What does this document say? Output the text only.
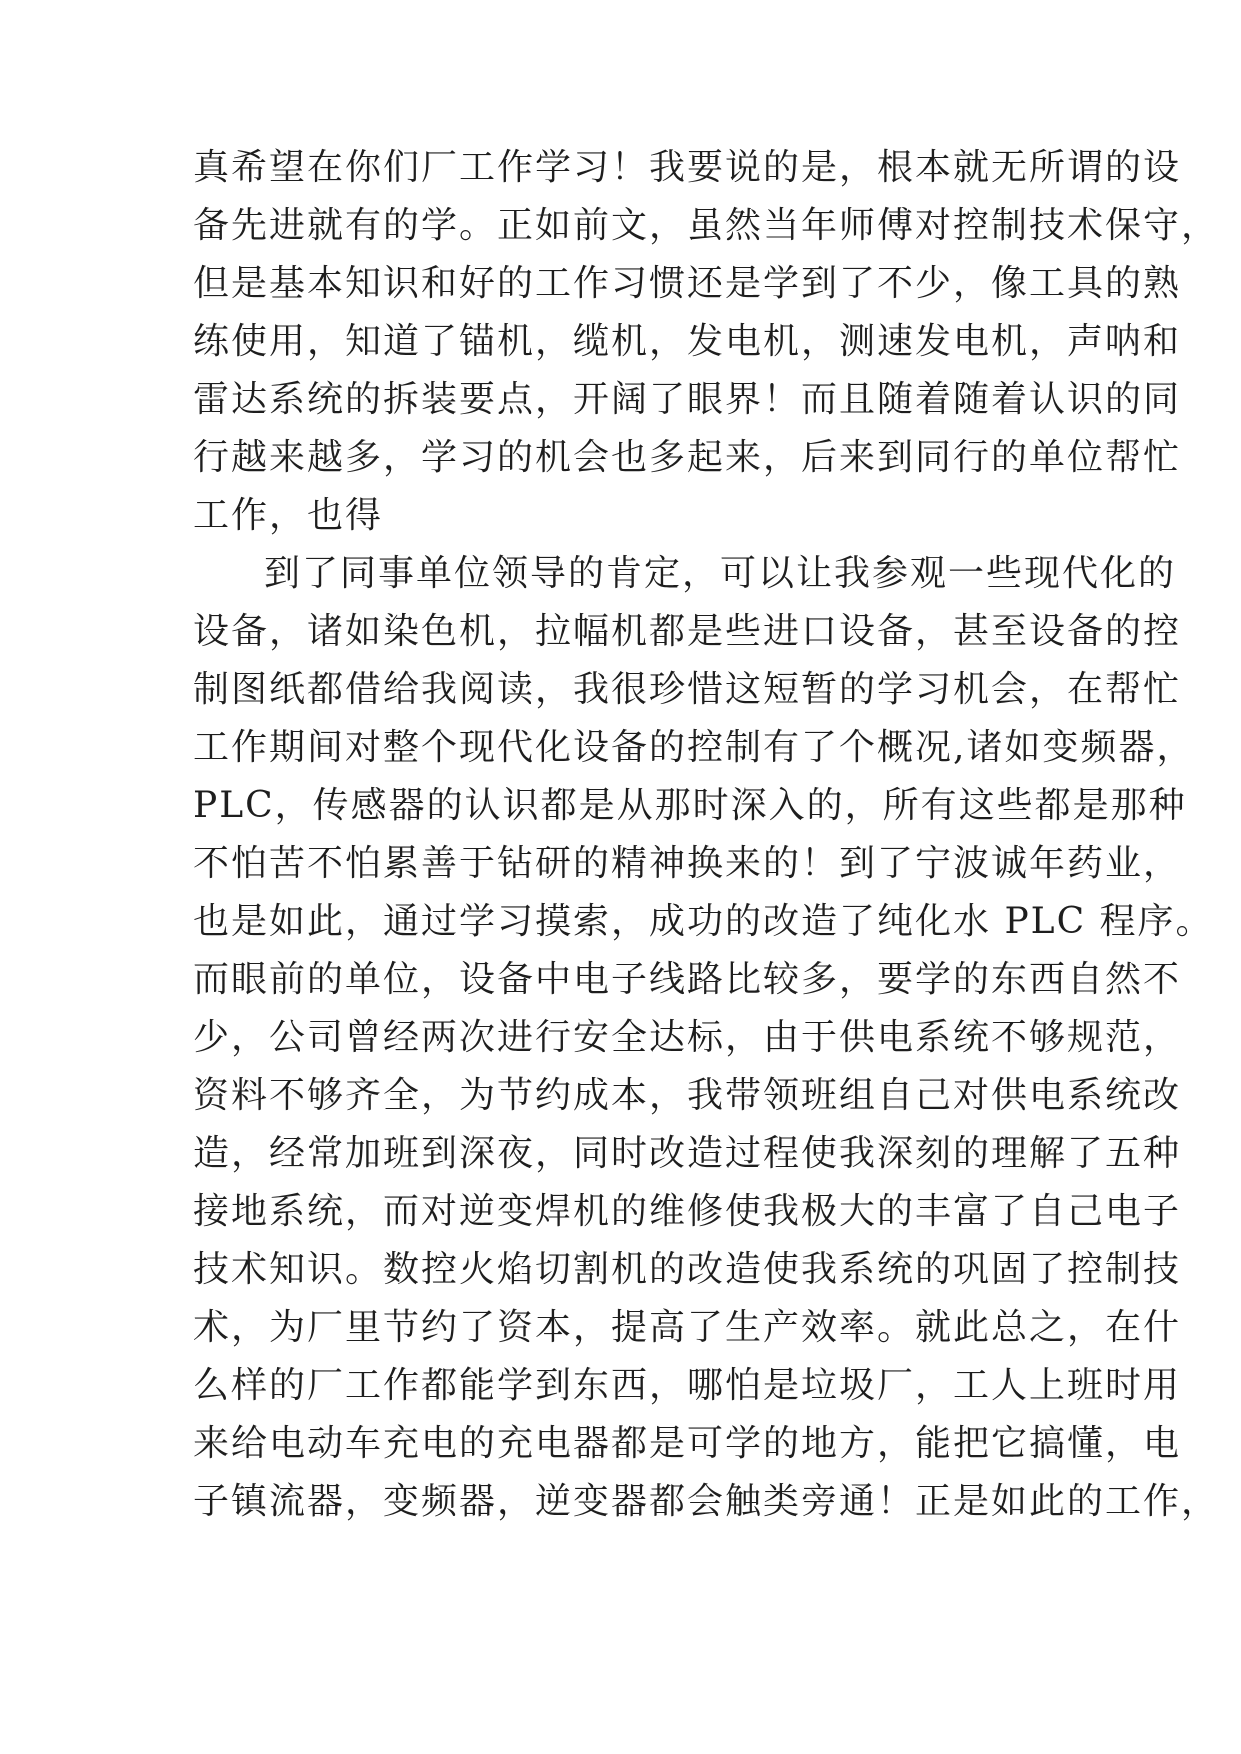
真希望在你们厂工作学习！我要说的是，根本就无所谓的设
备先进就有的学。正如前文，虽然当年师傅对控制技术保守，
但是基本知识和好的工作习惯还是学到了不少，像工具的熟
练使用，知道了锚机，缆机，发电机，测速发电机，声呐和
雷达系统的拆装要点，开阔了眼界！而且随着随着认识的同
行越来越多，学习的机会也多起来，后来到同行的单位帮忙
工作，也得
到了同事单位领导的肯定，可以让我参观一些现代化的
设备，诸如染色机，拉幅机都是些进口设备，甚至设备的控
制图纸都借给我阅读，我很珍惜这短暂的学习机会，在帮忙
工作期间对整个现代化设备的控制有了个概况,诸如变频器，
PLC，传感器的认识都是从那时深入的，所有这些都是那种
不怕苦不怕累善于钻研的精神换来的！到了宁波诚年药业，
也是如此，通过学习摸索，成功的改造了纯化水 PLC 程序。
而眼前的单位，设备中电子线路比较多，要学的东西自然不
少，公司曾经两次进行安全达标，由于供电系统不够规范，
资料不够齐全，为节约成本，我带领班组自己对供电系统改
造，经常加班到深夜，同时改造过程使我深刻的理解了五种
接地系统，而对逆变焊机的维修使我极大的丰富了自己电子
技术知识。数控火焰切割机的改造使我系统的巩固了控制技
术，为厂里节约了资本，提高了生产效率。就此总之，在什
么样的厂工作都能学到东西，哪怕是垃圾厂，工人上班时用
来给电动车充电的充电器都是可学的地方，能把它搞懂，电
子镇流器，变频器，逆变器都会触类旁通！正是如此的工作，
